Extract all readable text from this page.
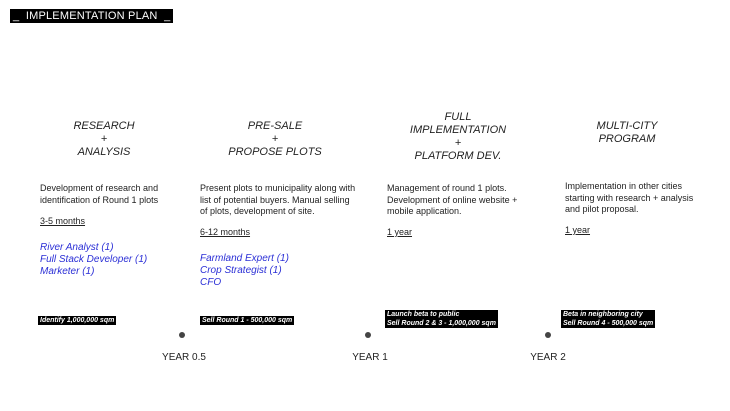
_  IMPLEMENTATION PLAN  _
RESEARCH
+
ANALYSIS
Development of research and identification of Round 1 plots
3-5 months
River Analyst (1)
Full Stack Developer (1)
Marketer (1)
Identify 1,000,000 sqm
PRE-SALE
+
PROPOSE PLOTS
Present plots to municipality along with list of potential buyers. Manual selling of plots, development of site.
6-12 months
Farmland Expert (1)
Crop Strategist (1)
CFO
Sell Round 1 - 500,000 sqm
FULL
IMPLEMENTATION
+
PLATFORM DEV.
Management of round 1 plots. Development of online website + mobile application.
1 year
Launch beta to public
Sell Round 2 & 3 - 1,000,000 sqm
MULTI-CITY
PROGRAM
Implementation in other cities starting with research + analysis and pilot proposal.
1 year
Beta in neighboring city
Sell Round 4 - 500,000 sqm
YEAR 0.5	YEAR 1	YEAR 2
